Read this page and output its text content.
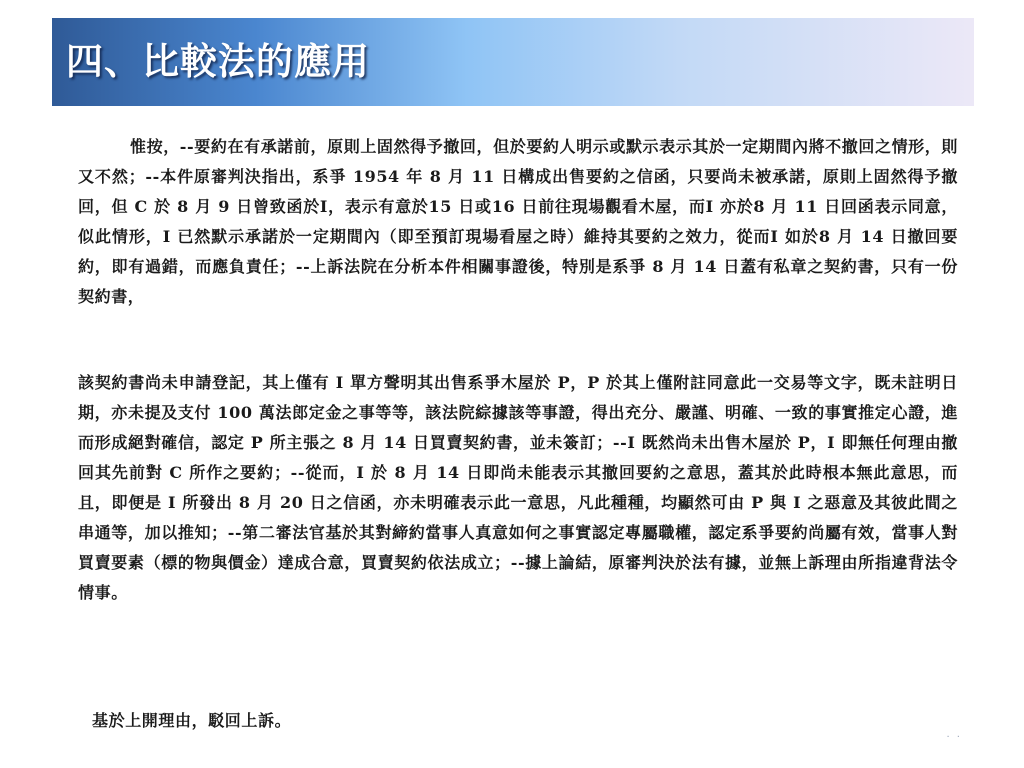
四、比較法的應用

惟按，--要約在有承諾前，原則上固然得予撤回，但於要約人明示或默示表示其於一定期間內將不撤回之情形，則又不然；--本件原審判決指出，系爭 1954 年 8 月 11 日構成出售要約之信函，只要尚未被承諾，原則上固然得予撤回，但 C 於 8 月 9 日曾致函於I，表示有意於15 日或16 日前往現場觀看木屋，而I 亦於8 月 11 日回函表示同意，似此情形，I 已然默示承諾於一定期間內（即至預訂現場看屋之時）維持其要約之效力，從而I 如於8 月 14 日撤回要約，即有過錯，而應負責任；--上訴法院在分析本件相關事證後，特別是系爭 8 月 14 日蓋有私章之契約書，只有一份契約書，

該契約書尚未申請登記，其上僅有 I 單方聲明其出售系爭木屋於 P，P 於其上僅附註同意此一交易等文字，既未註明日期，亦未提及支付 100 萬法郎定金之事等等，該法院綜據該等事證，得出充分、嚴謹、明確、一致的事實推定心證，進而形成絕對確信，認定 P 所主張之 8 月 14 日買賣契約書，並未簽訂；--I 既然尚未出售木屋於 P，I 即無任何理由撤回其先前對 C 所作之要約；--從而，I 於 8 月 14 日即尚未能表示其撤回要約之意思，蓋其於此時根本無此意思，而且，即便是 I 所發出 8 月 20 日之信函，亦未明確表示此一意思，凡此種種，均顯然可由 P 與 I 之惡意及其彼此間之串通等，加以推知；--第二審法官基於其對締約當事人真意如何之事實認定專屬職權，認定系爭要約尚屬有效，當事人對買賣要素（標的物與價金）達成合意，買賣契約依法成立；--據上論結，原審判決於法有據，並無上訴理由所指違背法令情事。

基於上開理由，駁回上訴。

. .
